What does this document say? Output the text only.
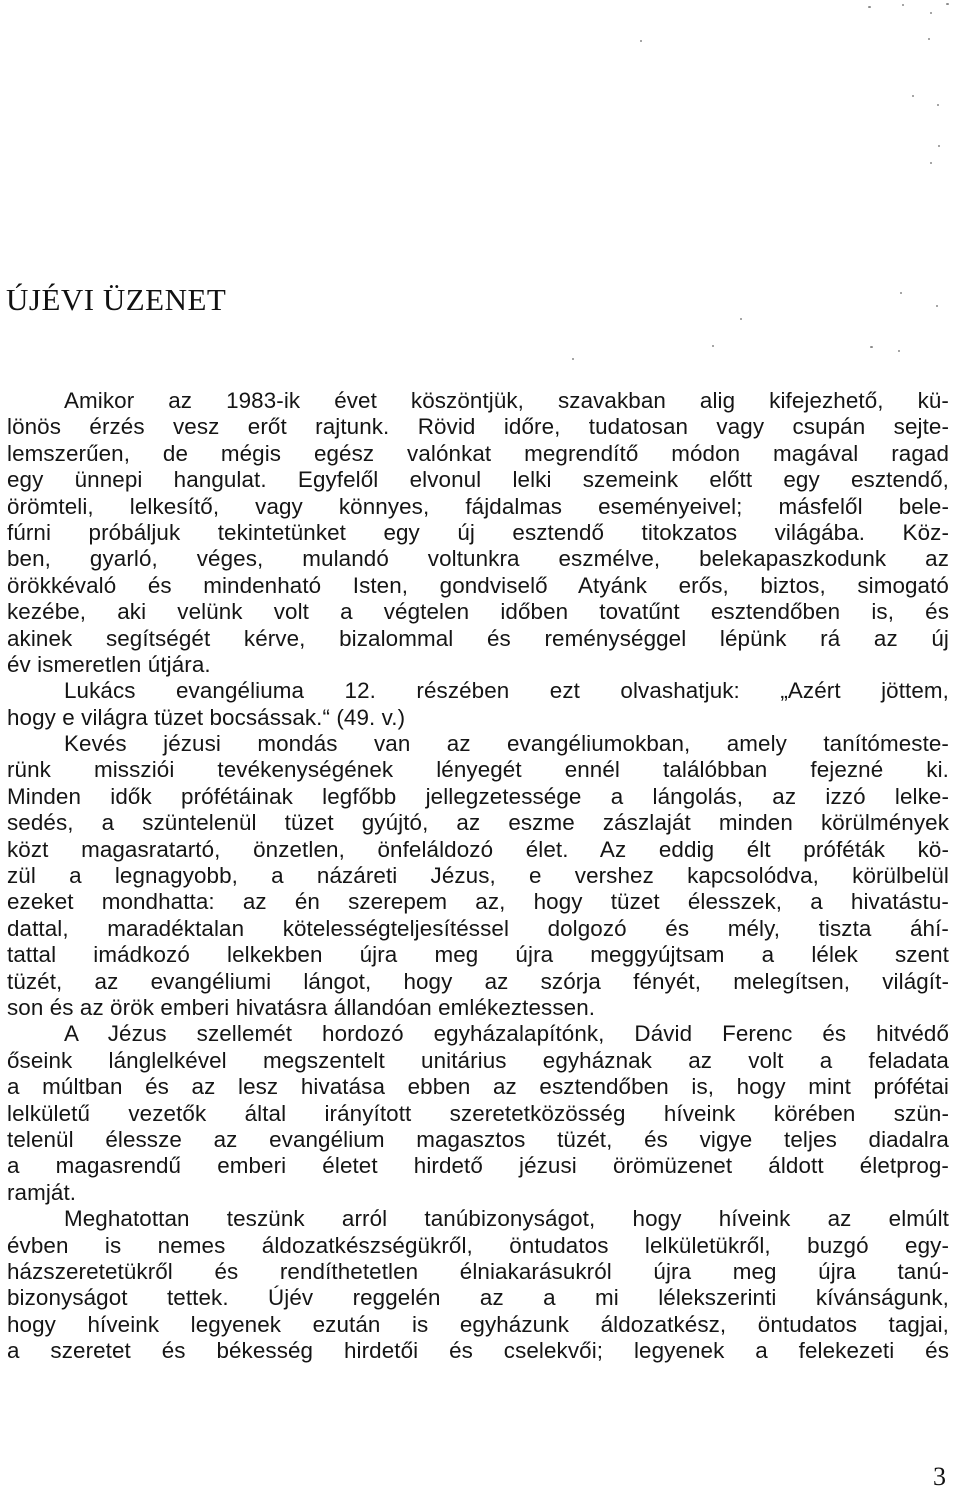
ÚJÉVI ÜZENET
Amikor az 1983-ik évet köszöntjük, szavakban alig kifejezhető, kü-
lönös érzés vesz erőt rajtunk. Rövid időre, tudatosan vagy csupán sejte-
lemszerűen, de mégis egész valónkat megrendítő módon magával ragad
egy ünnepi hangulat. Egyfelől elvonul lelki szemeink előtt egy esztendő,
örömteli, lelkesítő, vagy könnyes, fájdalmas eseményeivel; másfelől bele-
fúrni próbáljuk tekintetünket egy új esztendő titokzatos világába. Köz-
ben, gyarló, véges, mulandó voltunkra eszmélve, belekapaszkodunk az
örökkévaló és mindenható Isten, gondviselő Atyánk erős, biztos, simogató
kezébe, aki velünk volt a végtelen időben tovatűnt esztendőben is, és
akinek segítségét kérve, bizalommal és reménységgel lépünk rá az új
év ismeretlen útjára.
Lukács evangéliuma 12. részében ezt olvashatjuk: „Azért jöttem,
hogy e világra tüzet bocsássak.“ (49. v.)
Kevés jézusi mondás van az evangéliumokban, amely tanítómeste-
rünk missziói tevékenységének lényegét ennél találóbban fejezné ki.
Minden idők prófétáinak legfőbb jellegzetessége a lángolás, az izzó lelke-
sedés, a szüntelenül tüzet gyújtó, az eszme zászlaját minden körülmények
közt magasratartó, önzetlen, önfeláldozó élet. Az eddig élt próféták kö-
zül a legnagyobb, a názáreti Jézus, e vershez kapcsolódva, körülbelül
ezeket mondhatta: az én szerepem az, hogy tüzet élesszek, a hivatástu-
dattal, maradéktalan kötelességteljesítéssel dolgozó és mély, tiszta áhí-
tattal imádkozó lelkekben újra meg újra meggyújtsam a lélek szent
tüzét, az evangéliumi lángot, hogy az szórja fényét, melegítsen, világít-
son és az örök emberi hivatásra állandóan emlékeztessen.
A Jézus szellemét hordozó egyházalapítónk, Dávid Ferenc és hitvédő
őseink lánglelkével megszentelt unitárius egyháznak az volt a feladata
a múltban és az lesz hivatása ebben az esztendőben is, hogy mint prófétai
lelkületű vezetők által irányított szeretetközösség híveink körében szün-
telenül élessze az evangélium magasztos tüzét, és vigye teljes diadalra
a magasrendű emberi életet hirdető jézusi örömüzenet áldott életprog-
ramját.
Meghatottan teszünk arról tanúbizonyságot, hogy híveink az elmúlt
évben is nemes áldozatkészségükről, öntudatos lelkületükről, buzgó egy-
házszeretetükről és rendíthetetlen élniakarásukról újra meg újra tanú-
bizonyságot tettek. Újév reggelén az a mi lélekszerinti kívánságunk,
hogy híveink legyenek ezután is egyházunk áldozatkész, öntudatos tagjai,
a szeretet és békesség hirdetői és cselekvői; legyenek a felekezeti és
3
